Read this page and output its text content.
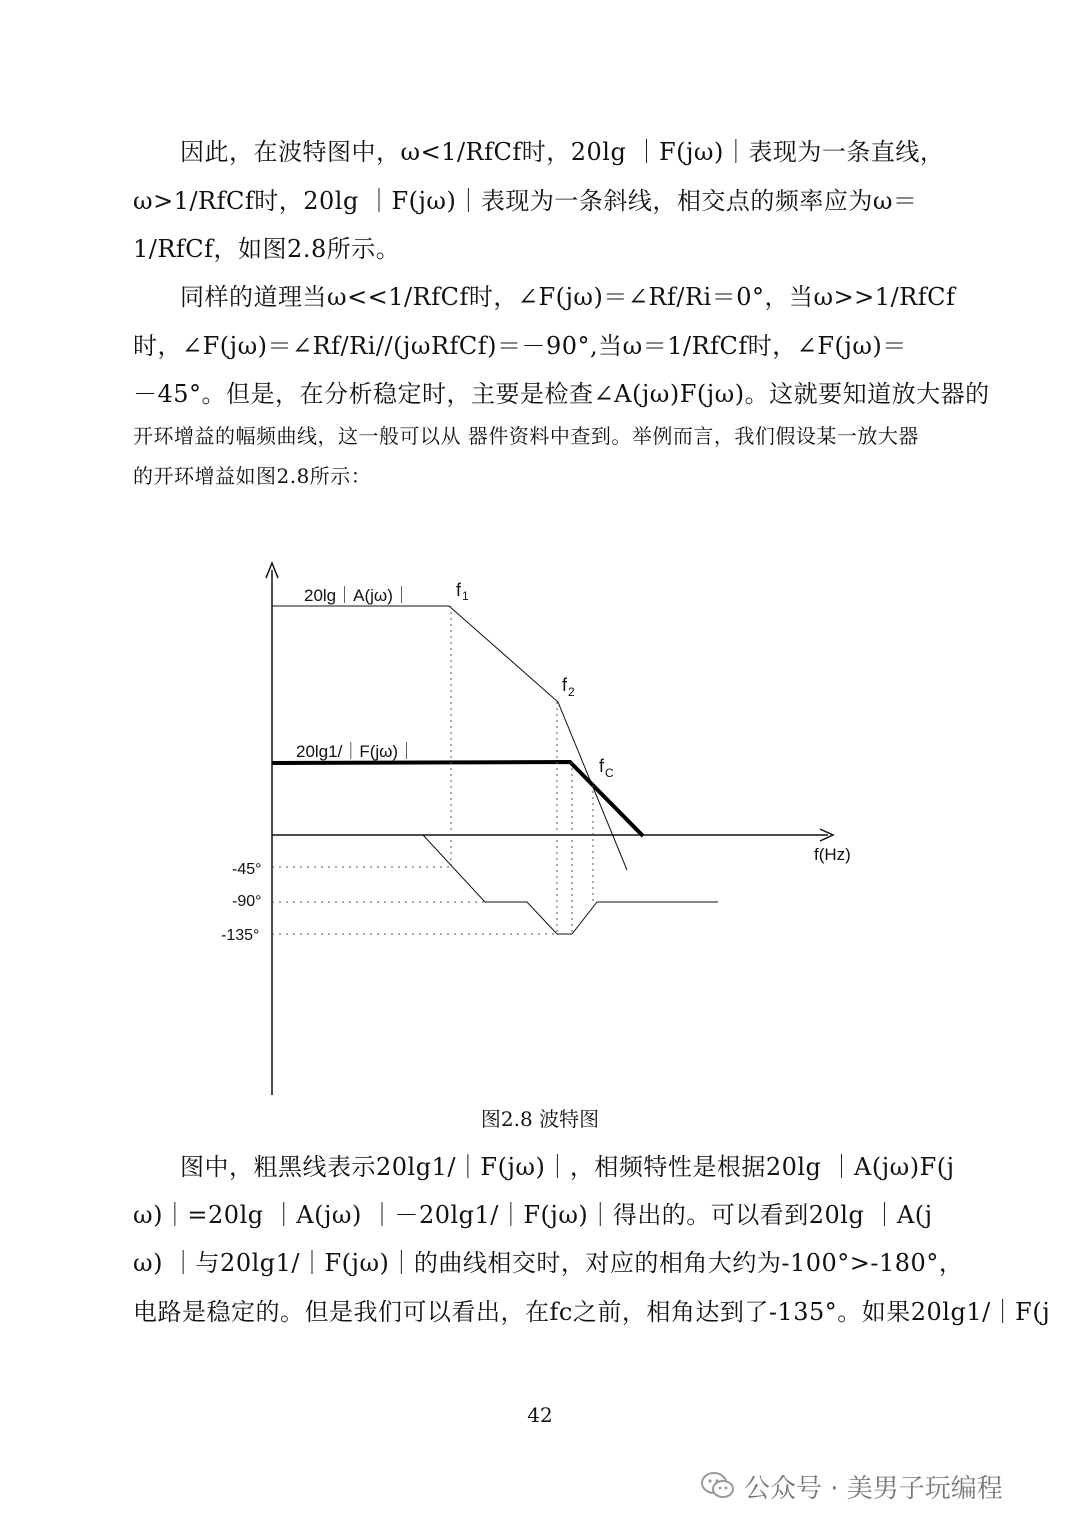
因此，在波特图中，ω<1/RfCf时，20lg ｜F(jω)｜表现为一条直线，
ω>1/RfCf时，20lg ｜F(jω)｜表现为一条斜线，相交点的频率应为ω＝
1/RfCf，如图2.8所示。
同样的道理当ω<<1/RfCf时，∠F(jω)＝∠Rf/Ri＝0°，当ω>>1/RfCf
时，∠F(jω)＝∠Rf/Ri//(jωRfCf)＝－90°,当ω＝1/RfCf时，∠F(jω)＝
－45°。但是，在分析稳定时，主要是检查∠A(jω)F(jω)。这就要知道放大器的
开环增益的幅频曲线，这一般可以从 器件资料中查到。举例而言，我们假设某一放大器
的开环增益如图2.8所示：
20lg｜A(jω)｜
20lg1/｜F(jω)｜
$f_1$
$f_2$
$f_C$
f(Hz)
-45°
-90°
-135°
图2.8 波特图
图中，粗黑线表示20lg1/｜F(jω)｜，相频特性是根据20lg ｜A(jω)F(j
ω)｜=20lg ｜A(jω) ｜－20lg1/｜F(jω)｜得出的。可以看到20lg ｜A(j
ω) ｜与20lg1/｜F(jω)｜的曲线相交时，对应的相角大约为-100°>-180°，
电路是稳定的。但是我们可以看出，在fc之前，相角达到了-135°。如果20lg1/｜F(j
42
公众号 · 美男子玩编程
